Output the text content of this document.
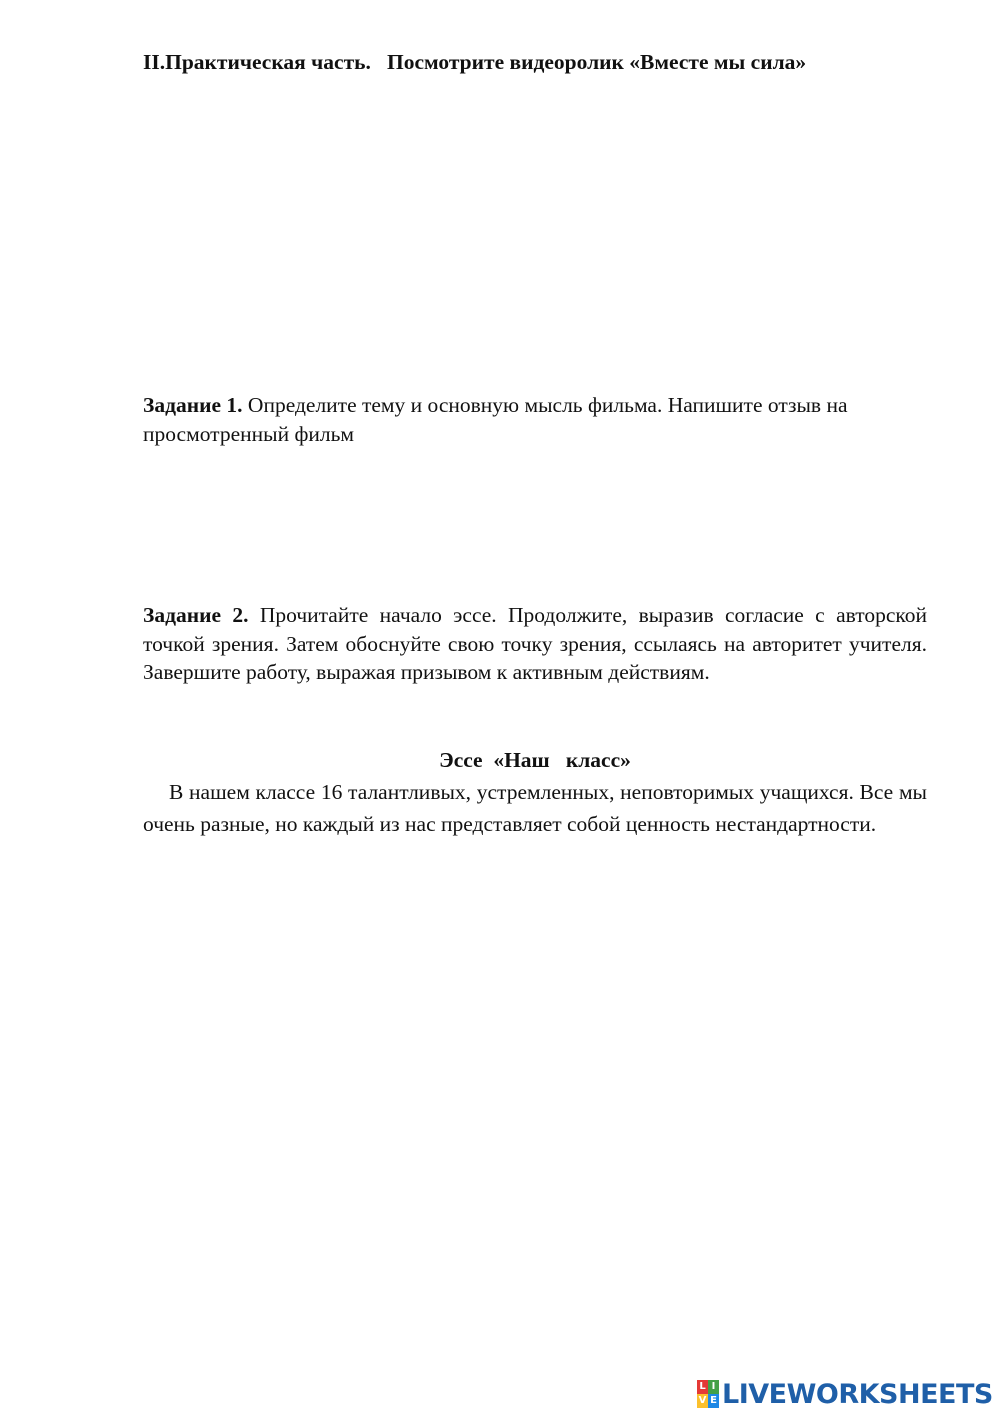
II.Практическая часть.   Посмотрите видеоролик «Вместе мы сила»
Задание 1. Определите тему и основную мысль фильма. Напишите отзыв на просмотренный фильм
Задание 2. Прочитайте начало эссе. Продолжите, выразив согласие с авторской точкой зрения. Затем обоснуйте свою точку зрения, ссылаясь на авторитет учителя. Завершите работу, выражая призывом к активным действиям.
Эссе  «Наш   класс»
В нашем классе 16 талантливых, устремленных, неповторимых учащихся. Все мы очень разные, но каждый из нас представляет собой ценность нестандартности.
L I
V E LIVEWORKSHEETS
